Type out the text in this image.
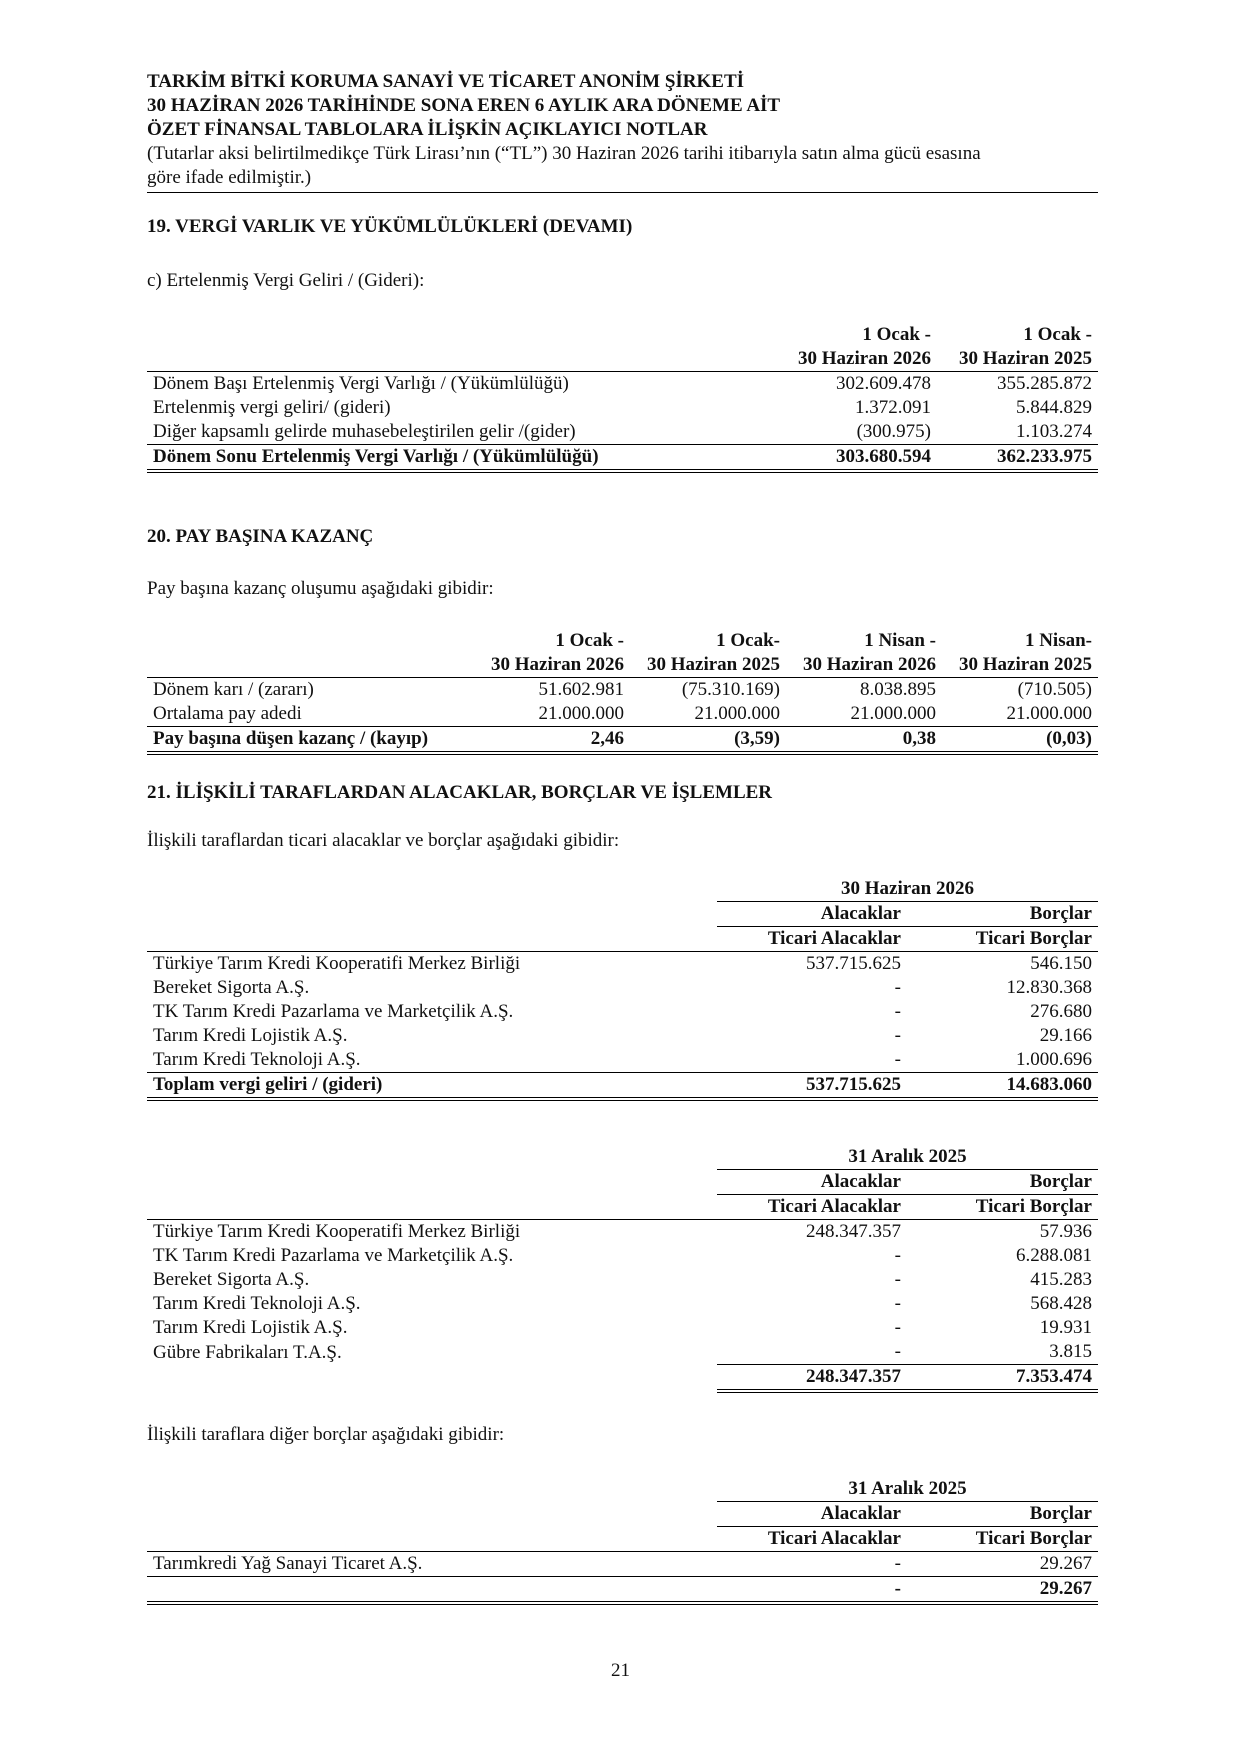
TARKİM BİTKİ KORUMA SANAYİ VE TİCARET ANONİM ŞİRKETİ
30 HAZİRAN 2026 TARİHİNDE SONA EREN 6 AYLIK ARA DÖNEME AİT
ÖZET FİNANSAL TABLOLARA İLİŞKİN AÇIKLAYICI NOTLAR
(Tutarlar aksi belirtilmedikçe Türk Lirası’nın (“TL”) 30 Haziran 2026 tarihi itibarıyla satın alma gücü esasına
göre ifade edilmiştir.)
19. VERGİ VARLIK VE YÜKÜMLÜLÜKLERİ (DEVAMI)
c) Ertelenmiş Vergi Geliri / (Gideri):
	1 Ocak -	1 Ocak -
	30 Haziran 2026	30 Haziran 2025
Dönem Başı Ertelenmiş Vergi Varlığı / (Yükümlülüğü)	302.609.478	355.285.872
Ertelenmiş vergi geliri/ (gideri)	1.372.091	5.844.829
Diğer kapsamlı gelirde muhasebeleştirilen gelir /(gider)	(300.975)	1.103.274
Dönem Sonu Ertelenmiş Vergi Varlığı / (Yükümlülüğü)	303.680.594	362.233.975
20. PAY BAŞINA KAZANÇ
Pay başına kazanç oluşumu aşağıdaki gibidir:
	1 Ocak -	1 Ocak-	1 Nisan -	1 Nisan-
	30 Haziran 2026	30 Haziran 2025	30 Haziran 2026	30 Haziran 2025
Dönem karı / (zararı)	51.602.981	(75.310.169)	8.038.895	(710.505)
Ortalama pay adedi	21.000.000	21.000.000	21.000.000	21.000.000
Pay başına düşen kazanç / (kayıp)	2,46	(3,59)	0,38	(0,03)
21. İLİŞKİLİ TARAFLARDAN ALACAKLAR, BORÇLAR VE İŞLEMLER
İlişkili taraflardan ticari alacaklar ve borçlar aşağıdaki gibidir:
	30 Haziran 2026	
	Alacaklar	Borçlar
	Ticari Alacaklar	Ticari Borçlar
Türkiye Tarım Kredi Kooperatifi Merkez Birliği	537.715.625	546.150
Bereket Sigorta A.Ş.	-	12.830.368
TK Tarım Kredi Pazarlama ve Marketçilik A.Ş.	-	276.680
Tarım Kredi Lojistik A.Ş.	-	29.166
Tarım Kredi Teknoloji A.Ş.	-	1.000.696
Toplam vergi geliri / (gideri)	537.715.625	14.683.060
	31 Aralık 2025	
	Alacaklar	Borçlar
	Ticari Alacaklar	Ticari Borçlar
Türkiye Tarım Kredi Kooperatifi Merkez Birliği	248.347.357	57.936
TK Tarım Kredi Pazarlama ve Marketçilik A.Ş.	-	6.288.081
Bereket Sigorta A.Ş.	-	415.283
Tarım Kredi Teknoloji A.Ş.	-	568.428
Tarım Kredi Lojistik A.Ş.	-	19.931
Gübre Fabrikaları T.A.Ş.	-	3.815
	248.347.357	7.353.474
İlişkili taraflara diğer borçlar aşağıdaki gibidir:
	31 Aralık 2025	
	Alacaklar	Borçlar
	Ticari Alacaklar	Ticari Borçlar
Tarımkredi Yağ Sanayi Ticaret A.Ş.	-	29.267
	-	29.267
21
